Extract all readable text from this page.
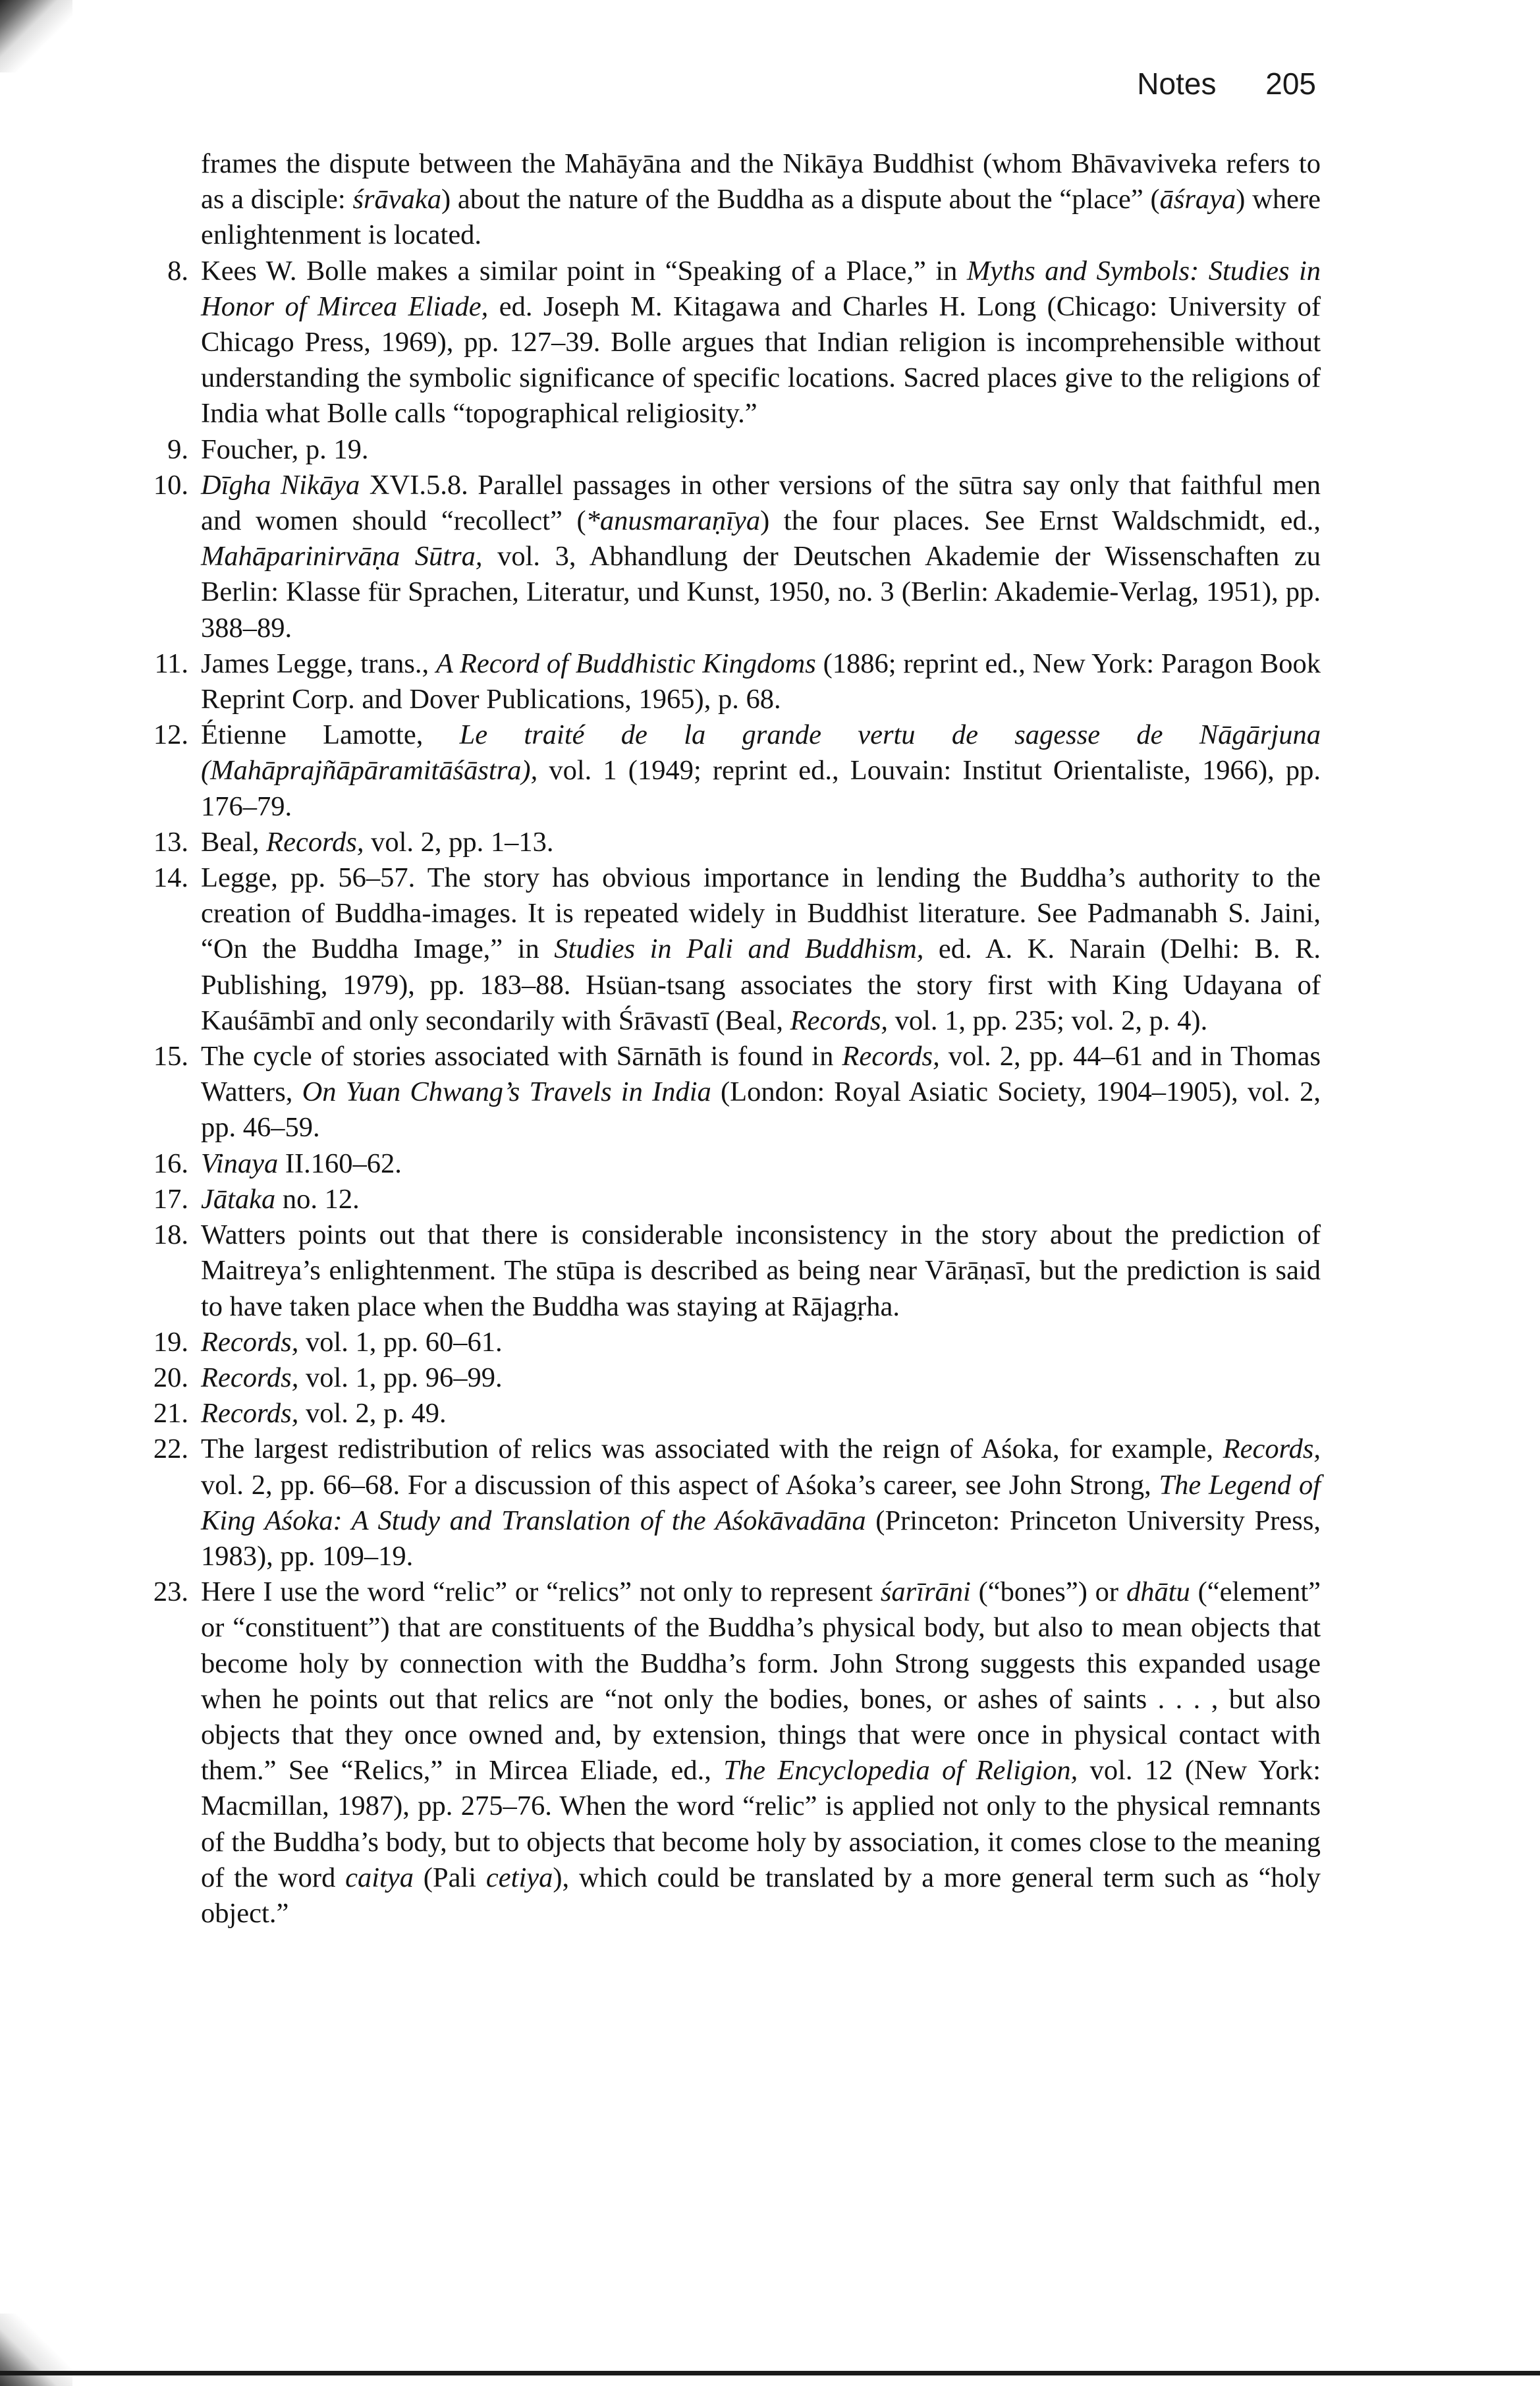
Notes 205

frames the dispute between the Mahāyāna and the Nikāya Buddhist (whom Bhāvaviveka refers to as a disciple: śrāvaka) about the nature of the Buddha as a dispute about the “place” (āśraya) where enlightenment is located.

8. Kees W. Bolle makes a similar point in “Speaking of a Place,” in Myths and Symbols: Studies in Honor of Mircea Eliade, ed. Joseph M. Kitagawa and Charles H. Long (Chicago: University of Chicago Press, 1969), pp. 127–39. Bolle argues that Indian religion is incomprehensible without understanding the symbolic significance of specific locations. Sacred places give to the religions of India what Bolle calls “topographical religiosity.”

9. Foucher, p. 19.

10. Dīgha Nikāya XVI.5.8. Parallel passages in other versions of the sūtra say only that faithful men and women should “recollect” (*anusmaraṇīya) the four places. See Ernst Waldschmidt, ed., Mahāparinirvāṇa Sūtra, vol. 3, Abhandlung der Deutschen Akademie der Wissenschaften zu Berlin: Klasse für Sprachen, Literatur, und Kunst, 1950, no. 3 (Berlin: Akademie-Verlag, 1951), pp. 388–89.

11. James Legge, trans., A Record of Buddhistic Kingdoms (1886; reprint ed., New York: Paragon Book Reprint Corp. and Dover Publications, 1965), p. 68.

12. Étienne Lamotte, Le traité de la grande vertu de sagesse de Nāgārjuna (Mahāprajñāpāramitāśāstra), vol. 1 (1949; reprint ed., Louvain: Institut Orientaliste, 1966), pp. 176–79.

13. Beal, Records, vol. 2, pp. 1–13.

14. Legge, pp. 56–57. The story has obvious importance in lending the Buddha’s authority to the creation of Buddha-images. It is repeated widely in Buddhist literature. See Padmanabh S. Jaini, “On the Buddha Image,” in Studies in Pali and Buddhism, ed. A. K. Narain (Delhi: B. R. Publishing, 1979), pp. 183–88. Hsüan-tsang associates the story first with King Udayana of Kauśāmbī and only secondarily with Śrāvastī (Beal, Records, vol. 1, pp. 235; vol. 2, p. 4).

15. The cycle of stories associated with Sārnāth is found in Records, vol. 2, pp. 44–61 and in Thomas Watters, On Yuan Chwang’s Travels in India (London: Royal Asiatic Society, 1904–1905), vol. 2, pp. 46–59.

16. Vinaya II.160–62.

17. Jātaka no. 12.

18. Watters points out that there is considerable inconsistency in the story about the prediction of Maitreya’s enlightenment. The stūpa is described as being near Vārāṇasī, but the prediction is said to have taken place when the Buddha was staying at Rājagṛha.

19. Records, vol. 1, pp. 60–61.

20. Records, vol. 1, pp. 96–99.

21. Records, vol. 2, p. 49.

22. The largest redistribution of relics was associated with the reign of Aśoka, for example, Records, vol. 2, pp. 66–68. For a discussion of this aspect of Aśoka’s career, see John Strong, The Legend of King Aśoka: A Study and Translation of the Aśokāvadāna (Princeton: Princeton University Press, 1983), pp. 109–19.

23. Here I use the word “relic” or “relics” not only to represent śarīrāni (“bones”) or dhātu (“element” or “constituent”) that are constituents of the Buddha’s physical body, but also to mean objects that become holy by connection with the Buddha’s form. John Strong suggests this expanded usage when he points out that relics are “not only the bodies, bones, or ashes of saints . . . , but also objects that they once owned and, by extension, things that were once in physical contact with them.” See “Relics,” in Mircea Eliade, ed., The Encyclopedia of Religion, vol. 12 (New York: Macmillan, 1987), pp. 275–76. When the word “relic” is applied not only to the physical remnants of the Buddha’s body, but to objects that become holy by association, it comes close to the meaning of the word caitya (Pali cetiya), which could be translated by a more general term such as “holy object.”
